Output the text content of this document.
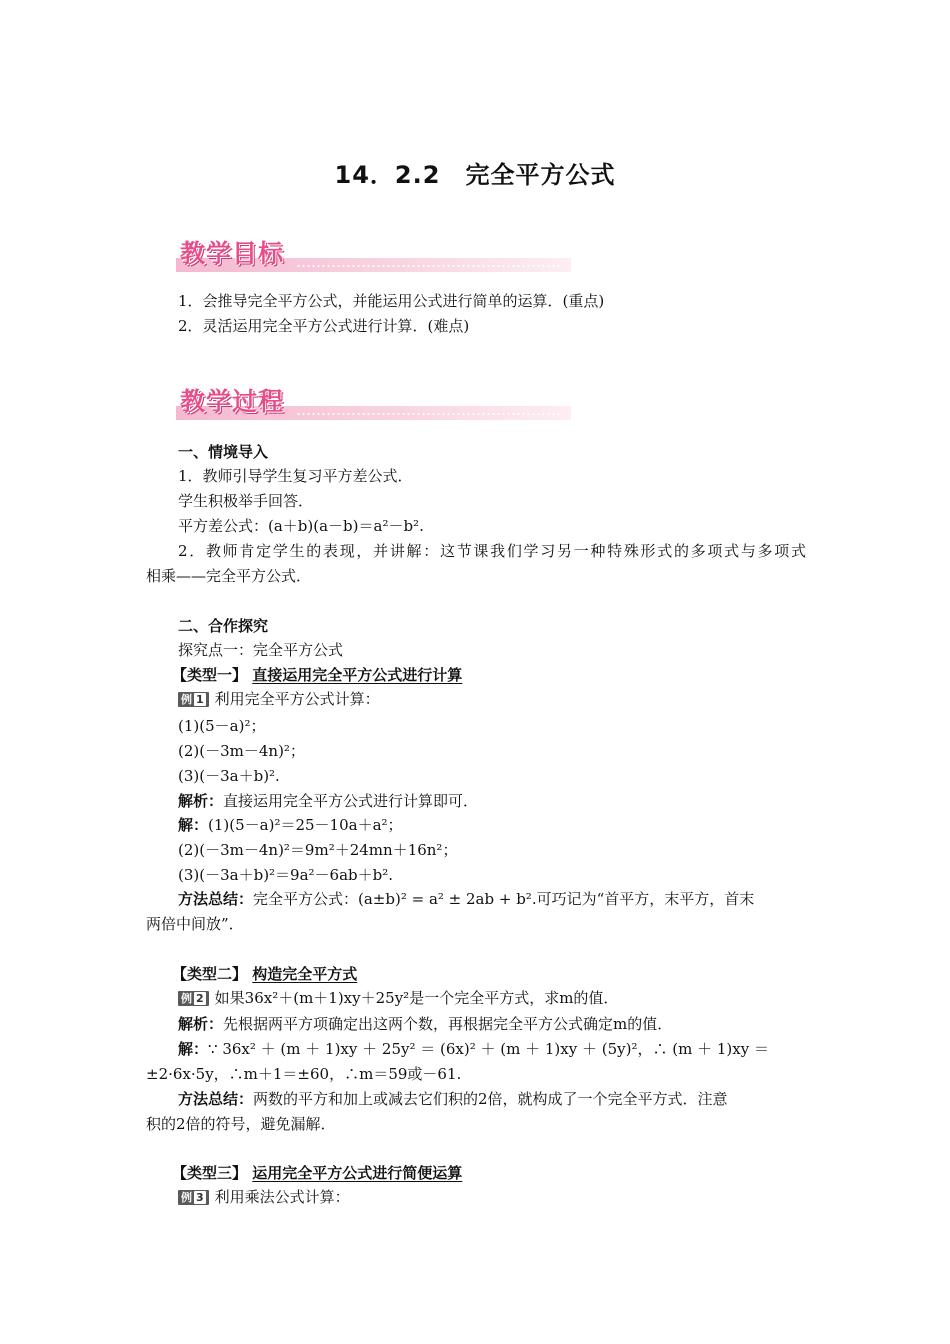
14．2.2　完全平方公式
教学目标
1．会推导完全平方公式，并能运用公式进行简单的运算．(重点)
2．灵活运用完全平方公式进行计算．(难点)
教学过程
一、情境导入
1．教师引导学生复习平方差公式．
学生积极举手回答．
平方差公式：(a＋b)(a－b)＝a²－b².
2．教师肯定学生的表现，并讲解：这节课我们学习另一种特殊形式的多项式与多项式
相乘——完全平方公式．
二、合作探究
探究点一：完全平方公式
【类型一】 直接运用完全平方公式进行计算
例 1 利用完全平方公式计算：
(1)(5－a)²；
(2)(－3m－4n)²；
(3)(－3a＋b)².
解析：直接运用完全平方公式进行计算即可．
解：(1)(5－a)²＝25－10a＋a²；
(2)(－3m－4n)²＝9m²＋24mn＋16n²；
(3)(－3a＋b)²＝9a²－6ab＋b².
方法总结：完全平方公式：(a±b)² = a² ± 2ab + b².可巧记为“首平方，末平方，首末
两倍中间放”．
【类型二】 构造完全平方式
例 2 如果36x²＋(m＋1)xy＋25y²是一个完全平方式，求m的值．
解析：先根据两平方项确定出这两个数，再根据完全平方公式确定m的值．
解：∵ 36x² ＋ (m ＋ 1)xy ＋ 25y² ＝ (6x)² ＋ (m ＋ 1)xy ＋ (5y)²，∴ (m ＋ 1)xy ＝
±2·6x·5y，∴m＋1＝±60，∴m＝59或－61.
方法总结：两数的平方和加上或减去它们积的2倍，就构成了一个完全平方式．注意
积的2倍的符号，避免漏解．
【类型三】 运用完全平方公式进行简便运算
例 3 利用乘法公式计算：
